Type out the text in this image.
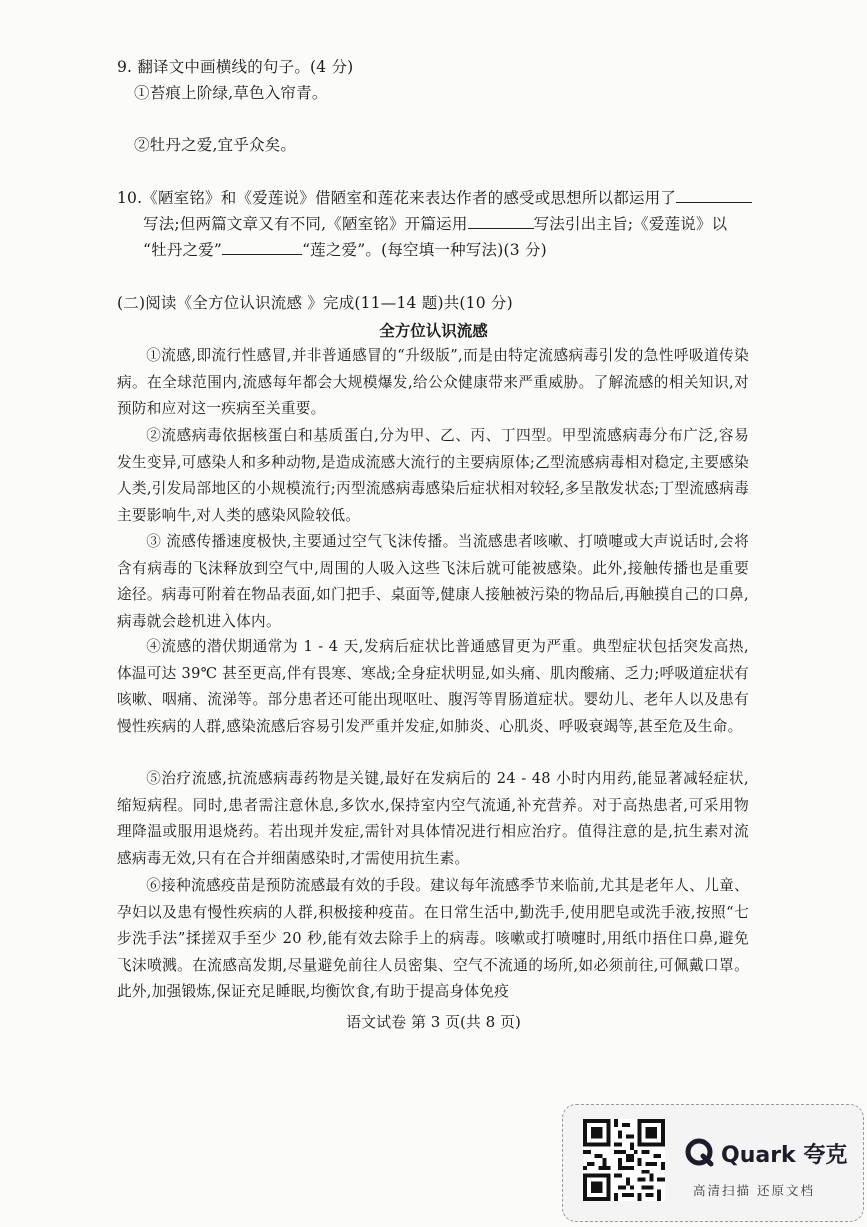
9. 翻译文中画横线的句子。(4 分)
①苔痕上阶绿,草色入帘青。
②牡丹之爱,宜乎众矣。
10.《陋室铭》和《爱莲说》借陋室和莲花来表达作者的感受或思想所以都运用了
写法;但两篇文章又有不同,《陋室铭》开篇运用	写法引出主旨;《爱莲说》以
“牡丹之爱”	“莲之爱”。(每空填一种写法)(3 分)
(二)阅读《全方位认识流感 》完成(11—14 题)共(10 分)
全方位认识流感
①流感,即流行性感冒,并非普通感冒的“升级版”,而是由特定流感病毒引发的急性呼吸道传染病。在全球范围内,流感每年都会大规模爆发,给公众健康带来严重威胁。了解流感的相关知识,对预防和应对这一疾病至关重要。
②流感病毒依据核蛋白和基质蛋白,分为甲、乙、丙、丁四型。甲型流感病毒分布广泛,容易发生变异,可感染人和多种动物,是造成流感大流行的主要病原体;乙型流感病毒相对稳定,主要感染人类,引发局部地区的小规模流行;丙型流感病毒感染后症状相对较轻,多呈散发状态;丁型流感病毒主要影响牛,对人类的感染风险较低。
③ 流感传播速度极快,主要通过空气飞沫传播。当流感患者咳嗽、打喷嚏或大声说话时,会将含有病毒的飞沫释放到空气中,周围的人吸入这些飞沫后就可能被感染。此外,接触传播也是重要途径。病毒可附着在物品表面,如门把手、桌面等,健康人接触被污染的物品后,再触摸自己的口鼻,病毒就会趁机进入体内。
④流感的潜伏期通常为 1 - 4 天,发病后症状比普通感冒更为严重。典型症状包括突发高热,体温可达 39℃ 甚至更高,伴有畏寒、寒战;全身症状明显,如头痛、肌肉酸痛、乏力;呼吸道症状有咳嗽、咽痛、流涕等。部分患者还可能出现呕吐、腹泻等胃肠道症状。婴幼儿、老年人以及患有慢性疾病的人群,感染流感后容易引发严重并发症,如肺炎、心肌炎、呼吸衰竭等,甚至危及生命。
⑤治疗流感,抗流感病毒药物是关键,最好在发病后的 24 - 48 小时内用药,能显著减轻症状,缩短病程。同时,患者需注意休息,多饮水,保持室内空气流通,补充营养。对于高热患者,可采用物理降温或服用退烧药。若出现并发症,需针对具体情况进行相应治疗。值得注意的是,抗生素对流感病毒无效,只有在合并细菌感染时,才需使用抗生素。
⑥接种流感疫苗是预防流感最有效的手段。建议每年流感季节来临前,尤其是老年人、儿童、孕妇以及患有慢性疾病的人群,积极接种疫苗。在日常生活中,勤洗手,使用肥皂或洗手液,按照“七步洗手法”揉搓双手至少 20 秒,能有效去除手上的病毒。咳嗽或打喷嚏时,用纸巾捂住口鼻,避免飞沫喷溅。在流感高发期,尽量避免前往人员密集、空气不流通的场所,如必须前往,可佩戴口罩。此外,加强锻炼,保证充足睡眠,均衡饮食,有助于提高身体免疫
语文试卷 第 3 页(共 8 页)
Quark 夸克
高清扫描 还原文档
